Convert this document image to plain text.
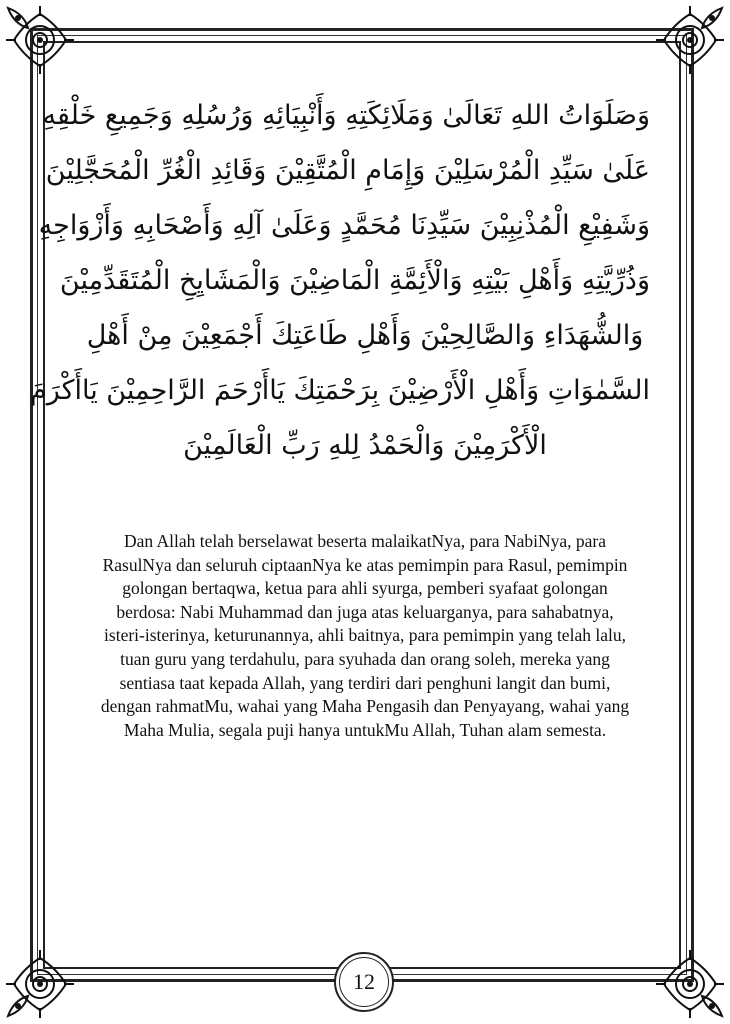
وَصَلَوَاتُ اللهِ تَعَالَىٰ وَمَلَائِكَتِهِ وَأَنْبِيَائِهِ وَرُسُلِهِ وَجَمِيعِ خَلْقِهِ
عَلَىٰ سَيِّدِ الْمُرْسَلِيْنَ وَإِمَامِ الْمُتَّقِيْنَ وَقَائِدِ الْغُرِّ الْمُحَجَّلِيْنَ
وَشَفِيْعِ الْمُذْنِبِيْنَ سَيِّدِنَا مُحَمَّدٍ وَعَلَىٰ آلِهِ وَأَصْحَابِهِ وَأَزْوَاجِهِ
وَذُرِّيَّتِهِ وَأَهْلِ بَيْتِهِ وَالْأَئِمَّةِ الْمَاضِيْنَ وَالْمَشَايِخِ الْمُتَقَدِّمِيْنَ
وَالشُّهَدَاءِ وَالصَّالِحِيْنَ وَأَهْلِ طَاعَتِكَ أَجْمَعِيْنَ مِنْ أَهْلِ
السَّمٰوَاتِ وَأَهْلِ الْأَرْضِيْنَ بِرَحْمَتِكَ يَاأَرْحَمَ الرَّاحِمِيْنَ يَاأَكْرَمَ
الْأَكْرَمِيْنَ وَالْحَمْدُ لِلهِ رَبِّ الْعَالَمِيْنَ
Dan Allah telah berselawat beserta malaikatNya, para NabiNya, para RasulNya dan seluruh ciptaanNya ke atas pemimpin para Rasul, pemimpin golongan bertaqwa, ketua para ahli syurga, pemberi syafaat golongan berdosa: Nabi Muhammad dan juga atas keluarganya, para sahabatnya, isteri-isterinya, keturunannya, ahli baitnya, para pemimpin yang telah lalu, tuan guru yang terdahulu, para syuhada dan orang soleh, mereka yang sentiasa taat kepada Allah, yang terdiri dari penghuni langit dan bumi, dengan rahmatMu, wahai yang Maha Pengasih dan Penyayang, wahai yang Maha Mulia, segala puji hanya untukMu Allah, Tuhan alam semesta.
12
